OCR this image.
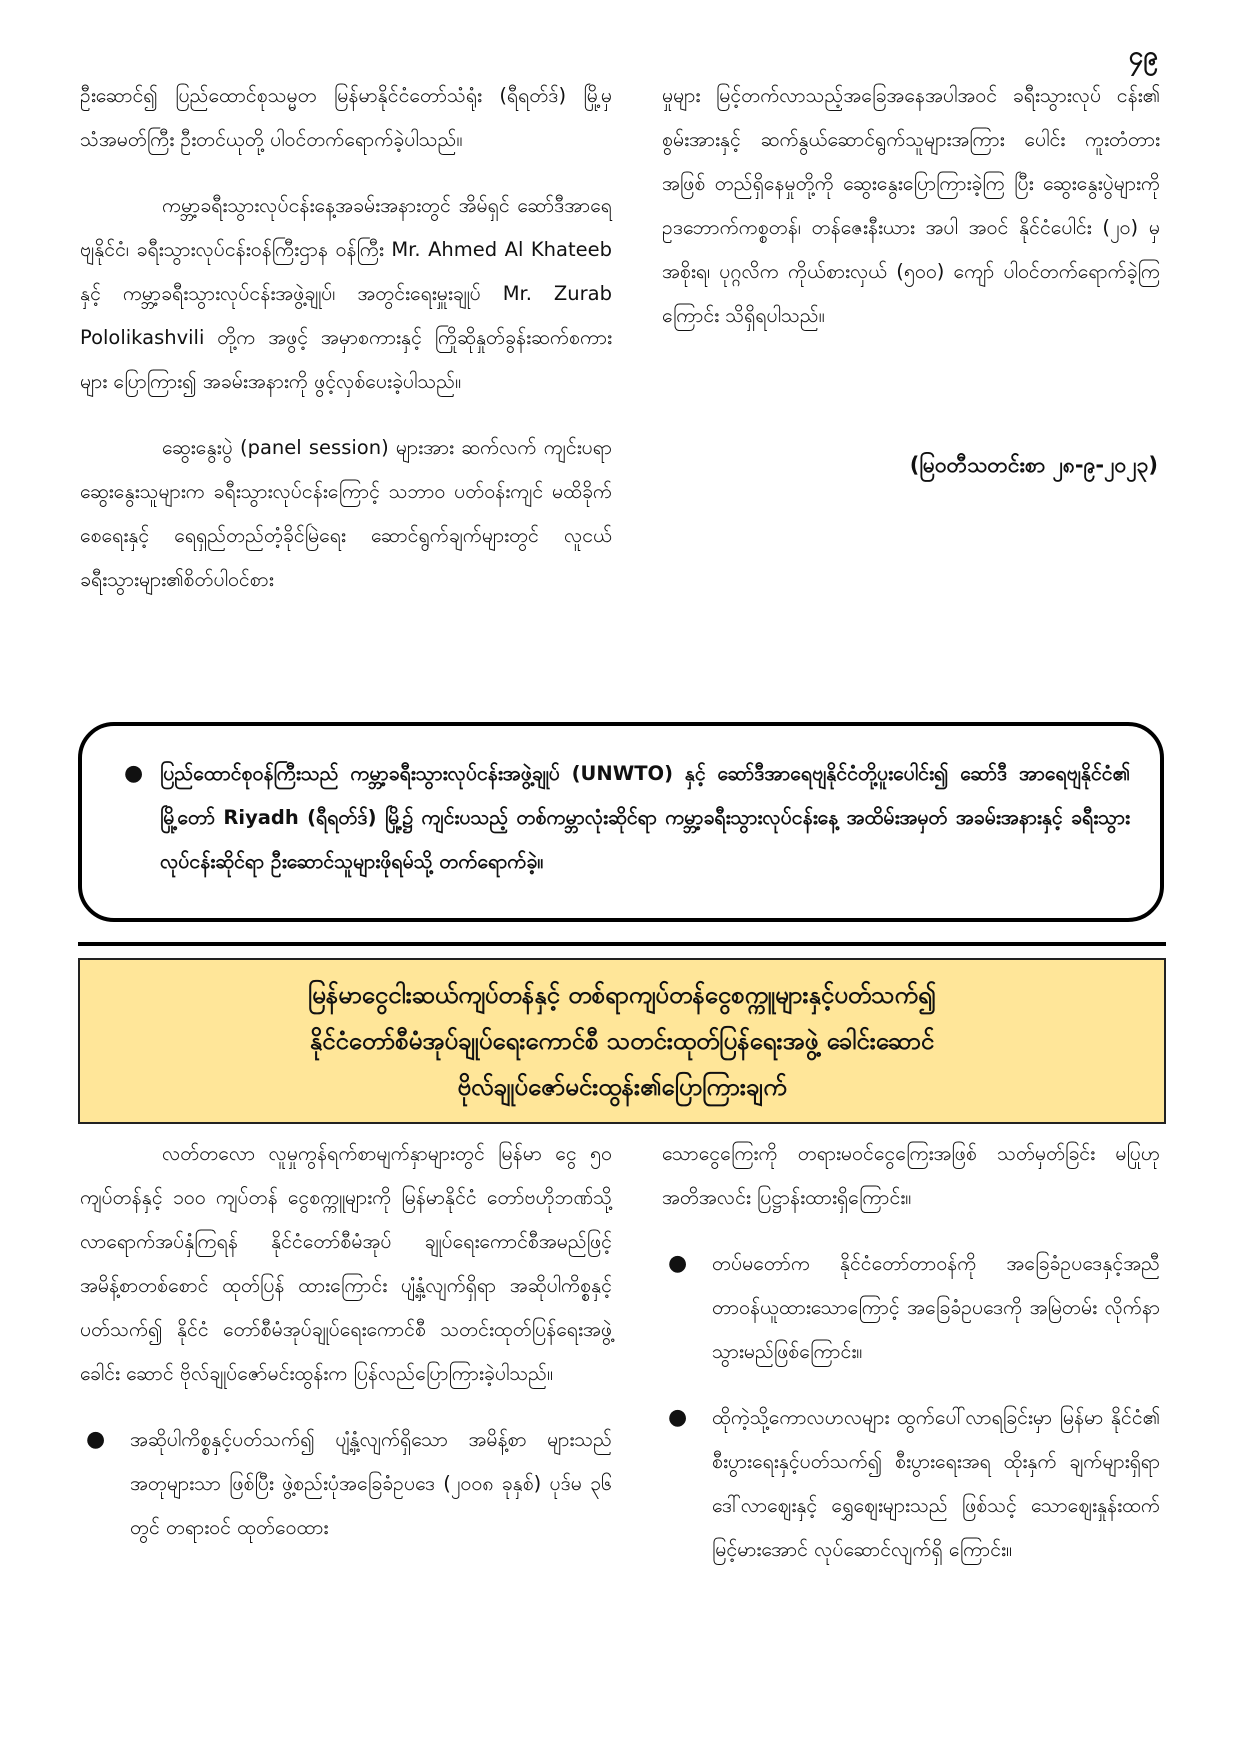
၄၉

ဦးဆောင်၍ ပြည်ထောင်စုသမ္မတ မြန်မာနိုင်ငံတော်သံရုံး (ရီရတ်ဒ်) မြို့မှ သံအမတ်ကြီး ဦးတင်ယုတို့ ပါဝင်တက်ရောက်ခဲ့ပါသည်။

ကမ္ဘာ့ခရီးသွားလုပ်ငန်းနေ့အခမ်းအနားတွင် အိမ်ရှင် ဆော်ဒီအာရေဗျနိုင်ငံ၊ ခရီးသွားလုပ်ငန်းဝန်ကြီးဌာန ဝန်ကြီး Mr. Ahmed Al Khateeb နှင့် ကမ္ဘာ့ခရီးသွားလုပ်ငန်းအဖွဲ့ချုပ်၊ အတွင်းရေးမှူးချုပ် Mr. Zurab Pololikashvili တို့က အဖွင့် အမှာစကားနှင့် ကြိုဆိုနှုတ်ခွန်းဆက်စကားများ ပြောကြား၍ အခမ်းအနားကို ဖွင့်လှစ်ပေးခဲ့ပါသည်။

ဆွေးနွေးပွဲ (panel session) များအား ဆက်လက် ကျင်းပရာ ဆွေးနွေးသူများက ခရီးသွားလုပ်ငန်းကြောင့် သဘာဝ ပတ်ဝန်းကျင် မထိခိုက်စေရေးနှင့် ရေရှည်တည်တံ့ခိုင်မြဲရေး ဆောင်ရွက်ချက်များတွင် လူငယ်ခရီးသွားများ၏စိတ်ပါဝင်စား

မှုများ မြင့်တက်လာသည့်အခြေအနေအပါအဝင် ခရီးသွားလုပ် ငန်း၏ စွမ်းအားနှင့် ဆက်နွယ်ဆောင်ရွက်သူများအကြား ပေါင်း ကူးတံတားအဖြစ် တည်ရှိနေမှုတို့ကို ဆွေးနွေးပြောကြားခဲ့ကြ ပြီး ဆွေးနွေးပွဲများကို ဥဒဘောက်ကစ္စတန်၊ တန်ဇေးနီးယား အပါ အဝင် နိုင်ငံပေါင်း (၂၀) မှ အစိုးရ၊ ပုဂ္ဂလိက ကိုယ်စားလှယ် (၅၀၀) ကျော် ပါဝင်တက်ရောက်ခဲ့ကြကြောင်း သိရှိရပါသည်။

(မြဝတီသတင်းစာ ၂၈-၉-၂၀၂၃)
● ပြည်ထောင်စုဝန်ကြီးသည် ကမ္ဘာ့ခရီးသွားလုပ်ငန်းအဖွဲ့ချုပ် (UNWTO) နှင့် ဆော်ဒီအာရေဗျနိုင်ငံတို့ပူးပေါင်း၍ ဆော်ဒီ အာရေဗျနိုင်ငံ၏ မြို့တော် Riyadh (ရီရတ်ဒ်) မြို့၌ ကျင်းပသည့် တစ်ကမ္ဘာလုံးဆိုင်ရာ ကမ္ဘာ့ခရီးသွားလုပ်ငန်းနေ့ အထိမ်းအမှတ် အခမ်းအနားနှင့် ခရီးသွားလုပ်ငန်းဆိုင်ရာ ဦးဆောင်သူများဖိုရမ်သို့ တက်ရောက်ခဲ့။
မြန်မာငွေငါးဆယ်ကျပ်တန်နှင့် တစ်ရာကျပ်တန်ငွေစက္ကူများနှင့်ပတ်သက်၍
နိုင်ငံတော်စီမံအုပ်ချုပ်ရေးကောင်စီ သတင်းထုတ်ပြန်ရေးအဖွဲ့ ခေါင်းဆောင်
ဗိုလ်ချုပ်ဇော်မင်းထွန်း၏ပြောကြားချက်

လတ်တလော လူမှုကွန်ရက်စာမျက်နှာများတွင် မြန်မာ ငွေ ၅၀ ကျပ်တန်နှင့် ၁၀၀ ကျပ်တန် ငွေစက္ကူများကို မြန်မာနိုင်ငံ တော်ဗဟိုဘဏ်သို့ လာရောက်အပ်နှံကြရန် နိုင်ငံတော်စီမံအုပ် ချုပ်ရေးကောင်စီအမည်ဖြင့် အမိန့်စာတစ်စောင် ထုတ်ပြန် ထားကြောင်း ပျံ့နှံ့လျက်ရှိရာ အဆိုပါကိစ္စနှင့်ပတ်သက်၍ နိုင်ငံ တော်စီမံအုပ်ချုပ်ရေးကောင်စီ သတင်းထုတ်ပြန်ရေးအဖွဲ့ခေါင်း ဆောင် ဗိုလ်ချုပ်ဇော်မင်းထွန်းက ပြန်လည်ပြောကြားခဲ့ပါသည်။

●	အဆိုပါကိစ္စနှင့်ပတ်သက်၍ ပျံ့နှံ့လျက်ရှိသော အမိန့်စာ များသည် အတုများသာ ဖြစ်ပြီး ဖွဲ့စည်းပုံအခြေခံဥပဒေ (၂၀၀၈ ခုနှစ်) ပုဒ်မ ၃၆ တွင် တရားဝင် ထုတ်ဝေထား

သောငွေကြေးကို တရားမဝင်ငွေကြေးအဖြစ် သတ်မှတ်ခြင်း မပြုဟု အတိအလင်း ပြဋ္ဌာန်းထားရှိကြောင်း။

●	တပ်မတော်က နိုင်ငံတော်တာဝန်ကို အခြေခံဥပဒေနှင့်အညီ တာဝန်ယူထားသောကြောင့် အခြေခံဥပဒေကို အမြဲတမ်း လိုက်နာသွားမည်ဖြစ်ကြောင်း။
●	ထိုကဲ့သို့ကောလဟလများ ထွက်ပေါ်လာရခြင်းမှာ မြန်မာ နိုင်ငံ၏ စီးပွားရေးနှင့်ပတ်သက်၍ စီးပွားရေးအရ ထိုးနှက် ချက်များရှိရာ ဒေါ်လာဈေးနှင့် ရွှေဈေးများသည် ဖြစ်သင့် သောဈေးနှုန်းထက် မြင့်မားအောင် လုပ်ဆောင်လျက်ရှိ ကြောင်း။
